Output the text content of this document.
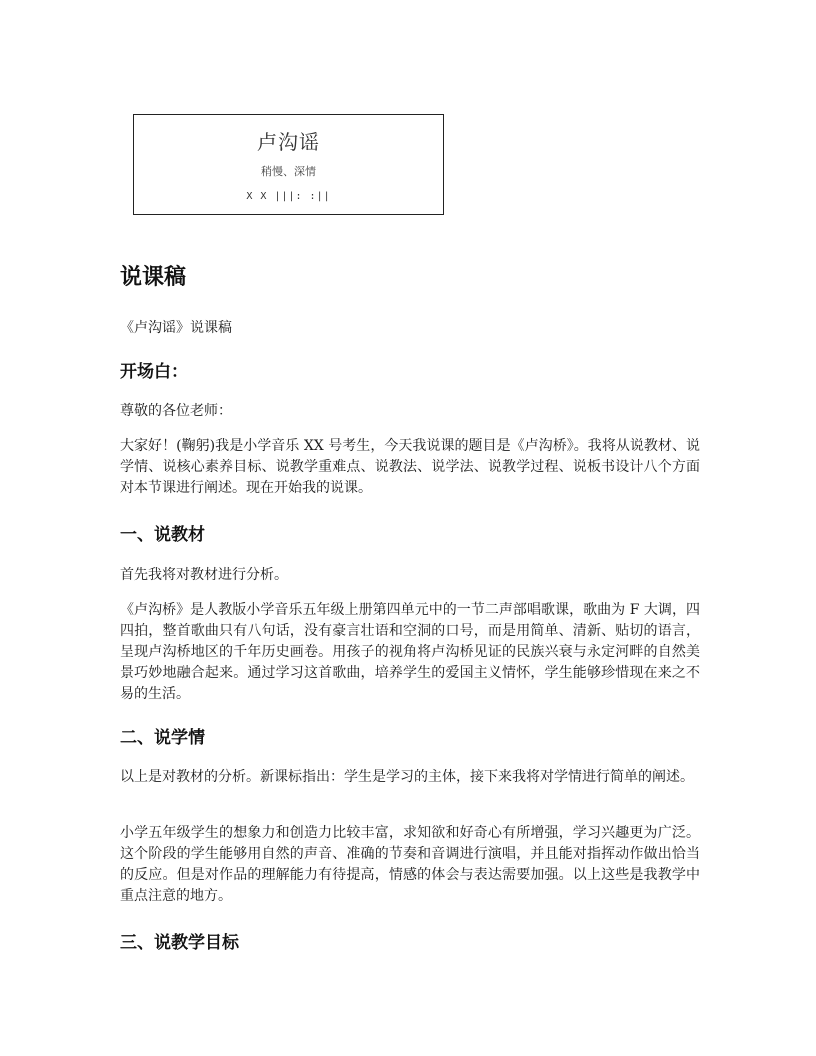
卢沟谣
稍慢、深情
X X |||: :||
说课稿
《卢沟谣》说课稿
开场白：
尊敬的各位老师：
大家好！(鞠躬)我是小学音乐 XX 号考生，今天我说课的题目是《卢沟桥》。我将从说教材、说学情、说核心素养目标、说教学重难点、说教法、说学法、说教学过程、说板书设计八个方面对本节课进行阐述。现在开始我的说课。
一、说教材
首先我将对教材进行分析。
《卢沟桥》是人教版小学音乐五年级上册第四单元中的一节二声部唱歌课，歌曲为 F 大调，四四拍，整首歌曲只有八句话，没有豪言壮语和空洞的口号，而是用简单、清新、贴切的语言，呈现卢沟桥地区的千年历史画卷。用孩子的视角将卢沟桥见证的民族兴衰与永定河畔的自然美景巧妙地融合起来。通过学习这首歌曲，培养学生的爱国主义情怀，学生能够珍惜现在来之不易的生活。
二、说学情
以上是对教材的分析。新课标指出：学生是学习的主体，接下来我将对学情进行简单的阐述。
小学五年级学生的想象力和创造力比较丰富，求知欲和好奇心有所增强，学习兴趣更为广泛。这个阶段的学生能够用自然的声音、准确的节奏和音调进行演唱，并且能对指挥动作做出恰当的反应。但是对作品的理解能力有待提高，情感的体会与表达需要加强。以上这些是我教学中重点注意的地方。
三、说教学目标
